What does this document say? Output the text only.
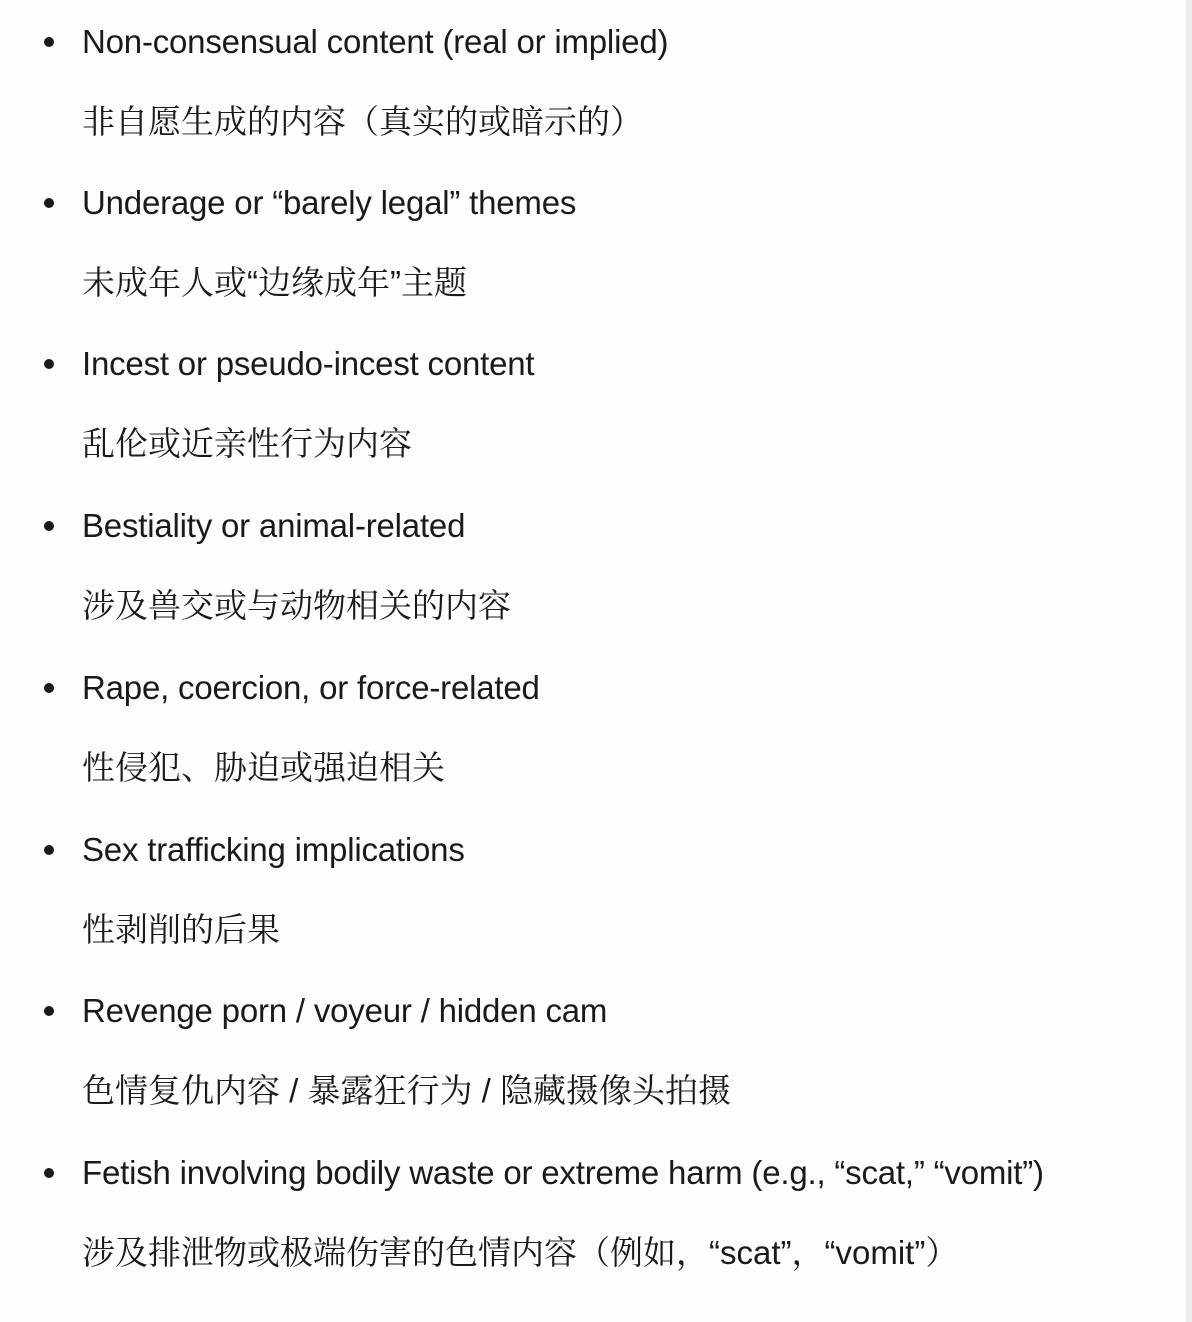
Non-consensual content (real or implied)
非自愿生成的内容（真实的或暗示的）
Underage or “barely legal” themes
未成年人或“边缘成年”主题
Incest or pseudo-incest content
乱伦或近亲性行为内容
Bestiality or animal-related
涉及兽交或与动物相关的内容
Rape, coercion, or force-related
性侵犯、胁迫或强迫相关
Sex trafficking implications
性剥削的后果
Revenge porn / voyeur / hidden cam
色情复仇内容 / 暴露狂行为 / 隐藏摄像头拍摄
Fetish involving bodily waste or extreme harm (e.g., “scat,” “vomit”)
涉及排泄物或极端伤害的色情内容（例如，“scat”，“vomit”）
